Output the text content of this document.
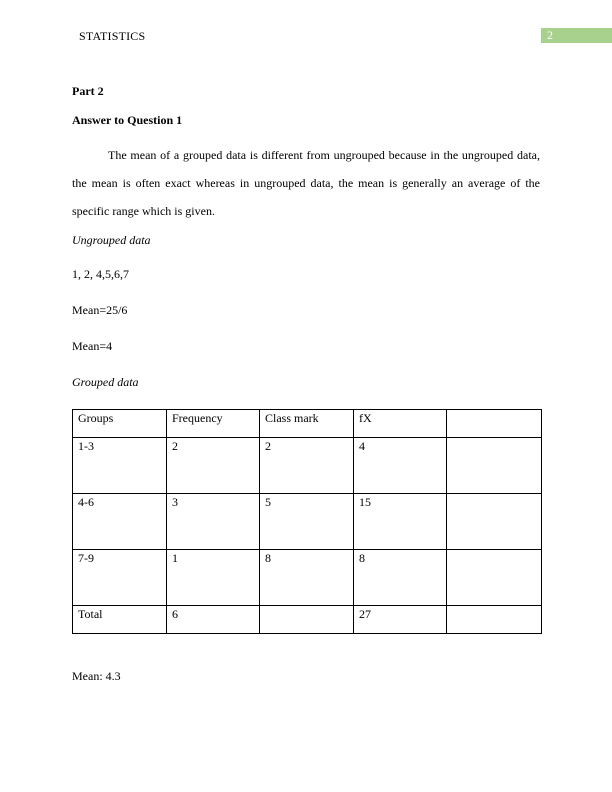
STATISTICS	2
Part 2
Answer to Question 1

The mean of a grouped data is different from ungrouped because in the ungrouped data, the mean is often exact whereas in ungrouped data, the mean is generally an average of the specific range which is given.

Ungrouped data
1, 2, 4,5,6,7
Mean=25/6
Mean=4
Grouped data
Groups	Frequency	Class mark	fX	
1-3	2	2	4	
4-6	3	5	15	
7-9	1	8	8	
Total	6		27	
Mean: 4.3
